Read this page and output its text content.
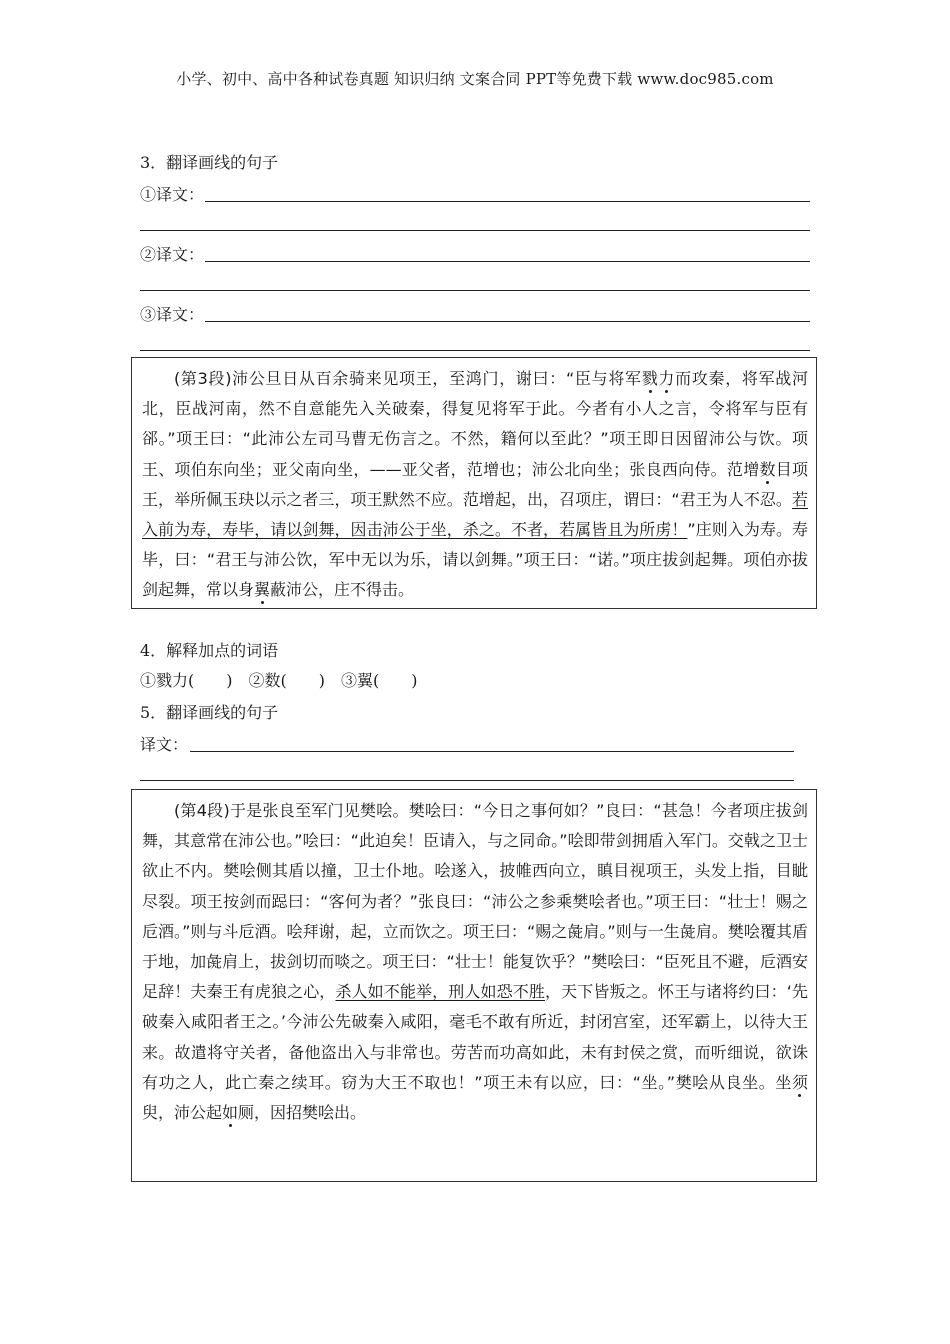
小学、初中、高中各种试卷真题 知识归纳 文案合同 PPT等免费下载 www.doc985.com
3．翻译画线的句子
①译文：
②译文：
③译文：

(第3段)沛公旦日从百余骑来见项王，至鸿门，谢曰：“臣与将军戮力而攻秦，将军战河北，臣战河南，然不自意能先入关破秦，得复见将军于此。今者有小人之言，令将军与臣有郤。”项王曰：“此沛公左司马曹无伤言之。不然，籍何以至此？”项王即日因留沛公与饮。项王、项伯东向坐；亚父南向坐，——亚父者，范增也；沛公北向坐；张良西向侍。范增数目项王，举所佩玉玦以示之者三，项王默然不应。范增起，出，召项庄，谓曰：“君王为人不忍。若入前为寿，寿毕，请以剑舞，因击沛公于坐，杀之。不者，若属皆且为所虏！”庄则入为寿。寿毕，曰：“君王与沛公饮，军中无以为乐，请以剑舞。”项王曰：“诺。”项庄拔剑起舞。项伯亦拔剑起舞，常以身翼蔽沛公，庄不得击。

4．解释加点的词语
①戮力(　　)　②数(　　)　③翼(　　)
5．翻译画线的句子
译文：

(第4段)于是张良至军门见樊哙。樊哙曰：“今日之事何如？”良曰：“甚急！今者项庄拔剑舞，其意常在沛公也。”哙曰：“此迫矣！臣请入，与之同命。”哙即带剑拥盾入军门。交戟之卫士欲止不内。樊哙侧其盾以撞，卫士仆地。哙遂入，披帷西向立，瞋目视项王，头发上指，目眦尽裂。项王按剑而跽曰：“客何为者？”张良曰：“沛公之参乘樊哙者也。”项王曰：“壮士！赐之卮酒。”则与斗卮酒。哙拜谢，起，立而饮之。项王曰：“赐之彘肩。”则与一生彘肩。樊哙覆其盾于地，加彘肩上，拔剑切而啖之。项王曰：“壮士！能复饮乎？”樊哙曰：“臣死且不避，卮酒安足辞！夫秦王有虎狼之心，杀人如不能举，刑人如恐不胜，天下皆叛之。怀王与诸将约曰：‘先破秦入咸阳者王之。’今沛公先破秦入咸阳，毫毛不敢有所近，封闭宫室，还军霸上，以待大王来。故遣将守关者，备他盗出入与非常也。劳苦而功高如此，未有封侯之赏，而听细说，欲诛有功之人，此亡秦之续耳。窃为大王不取也！”项王未有以应，曰：“坐。”樊哙从良坐。坐须臾，沛公起如厕，因招樊哙出。
